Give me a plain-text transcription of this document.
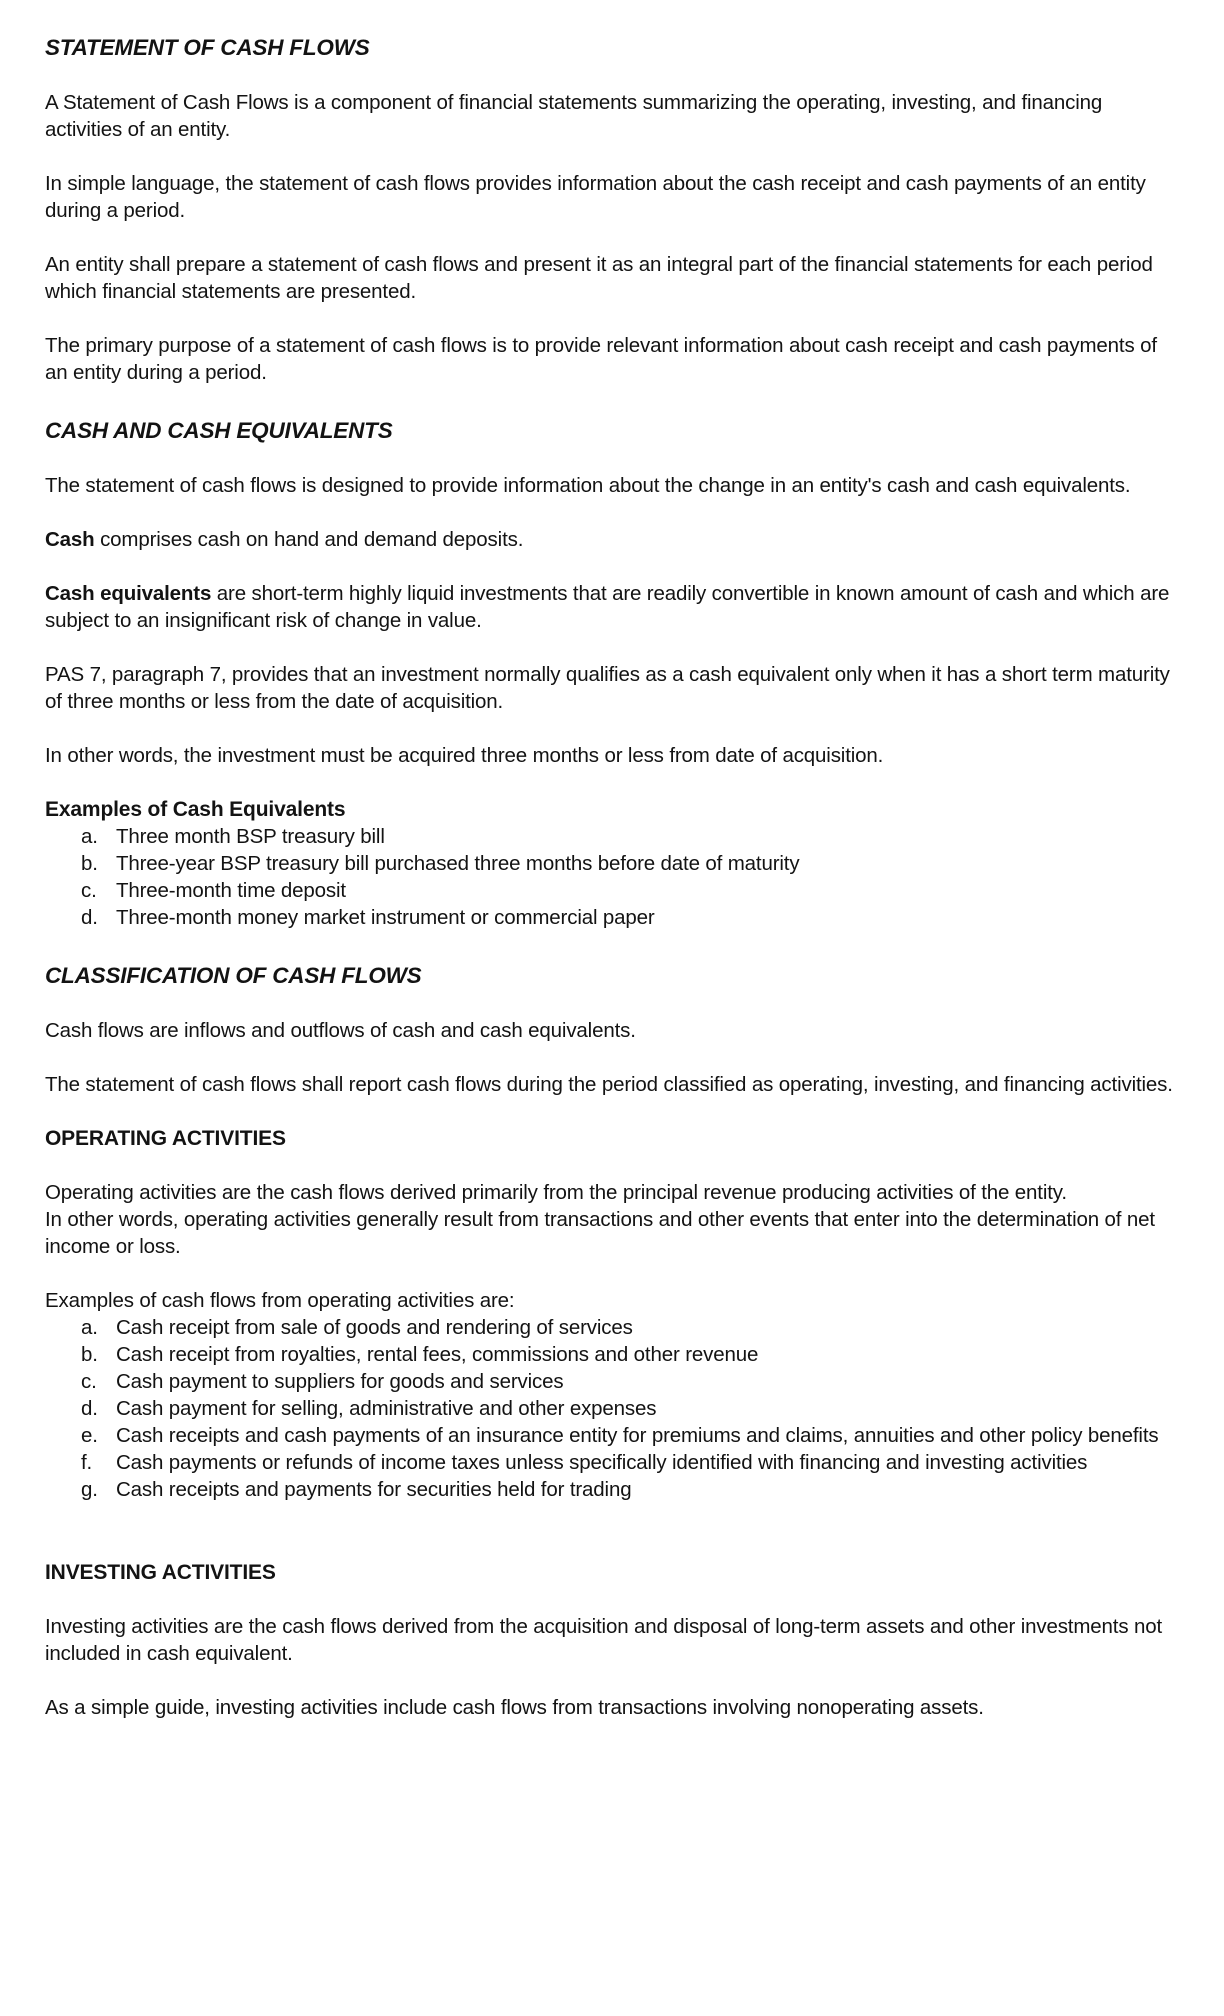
STATEMENT OF CASH FLOWS

A Statement of Cash Flows is a component of financial statements summarizing the operating, investing, and financing activities of an entity.

In simple language, the statement of cash flows provides information about the cash receipt and cash payments of an entity during a period.

An entity shall prepare a statement of cash flows and present it as an integral part of the financial statements for each period which financial statements are presented.

The primary purpose of a statement of cash flows is to provide relevant information about cash receipt and cash payments of an entity during a period.

CASH AND CASH EQUIVALENTS

The statement of cash flows is designed to provide information about the change in an entity's cash and cash equivalents.

Cash comprises cash on hand and demand deposits.

Cash equivalents are short-term highly liquid investments that are readily convertible in known amount of cash and which are subject to an insignificant risk of change in value.

PAS 7, paragraph 7, provides that an investment normally qualifies as a cash equivalent only when it has a short term maturity of three months or less from the date of acquisition.

In other words, the investment must be acquired three months or less from date of acquisition.

Examples of Cash Equivalents
a. Three month BSP treasury bill
b. Three-year BSP treasury bill purchased three months before date of maturity
c. Three-month time deposit
d. Three-month money market instrument or commercial paper
CLASSIFICATION OF CASH FLOWS

Cash flows are inflows and outflows of cash and cash equivalents.

The statement of cash flows shall report cash flows during the period classified as operating, investing, and financing activities.

OPERATING ACTIVITIES

Operating activities are the cash flows derived primarily from the principal revenue producing activities of the entity.

In other words, operating activities generally result from transactions and other events that enter into the determination of net income or loss.

Examples of cash flows from operating activities are:

a. Cash receipt from sale of goods and rendering of services
b. Cash receipt from royalties, rental fees, commissions and other revenue
c. Cash payment to suppliers for goods and services
d. Cash payment for selling, administrative and other expenses
e. Cash receipts and cash payments of an insurance entity for premiums and claims, annuities and other policy benefits
f.	Cash payments or refunds of income taxes unless specifically identified with financing and investing activities
g. Cash receipts and payments for securities held for trading
INVESTING ACTIVITIES

Investing activities are the cash flows derived from the acquisition and disposal of long-term assets and other investments not included in cash equivalent.

As a simple guide, investing activities include cash flows from transactions involving nonoperating assets.
